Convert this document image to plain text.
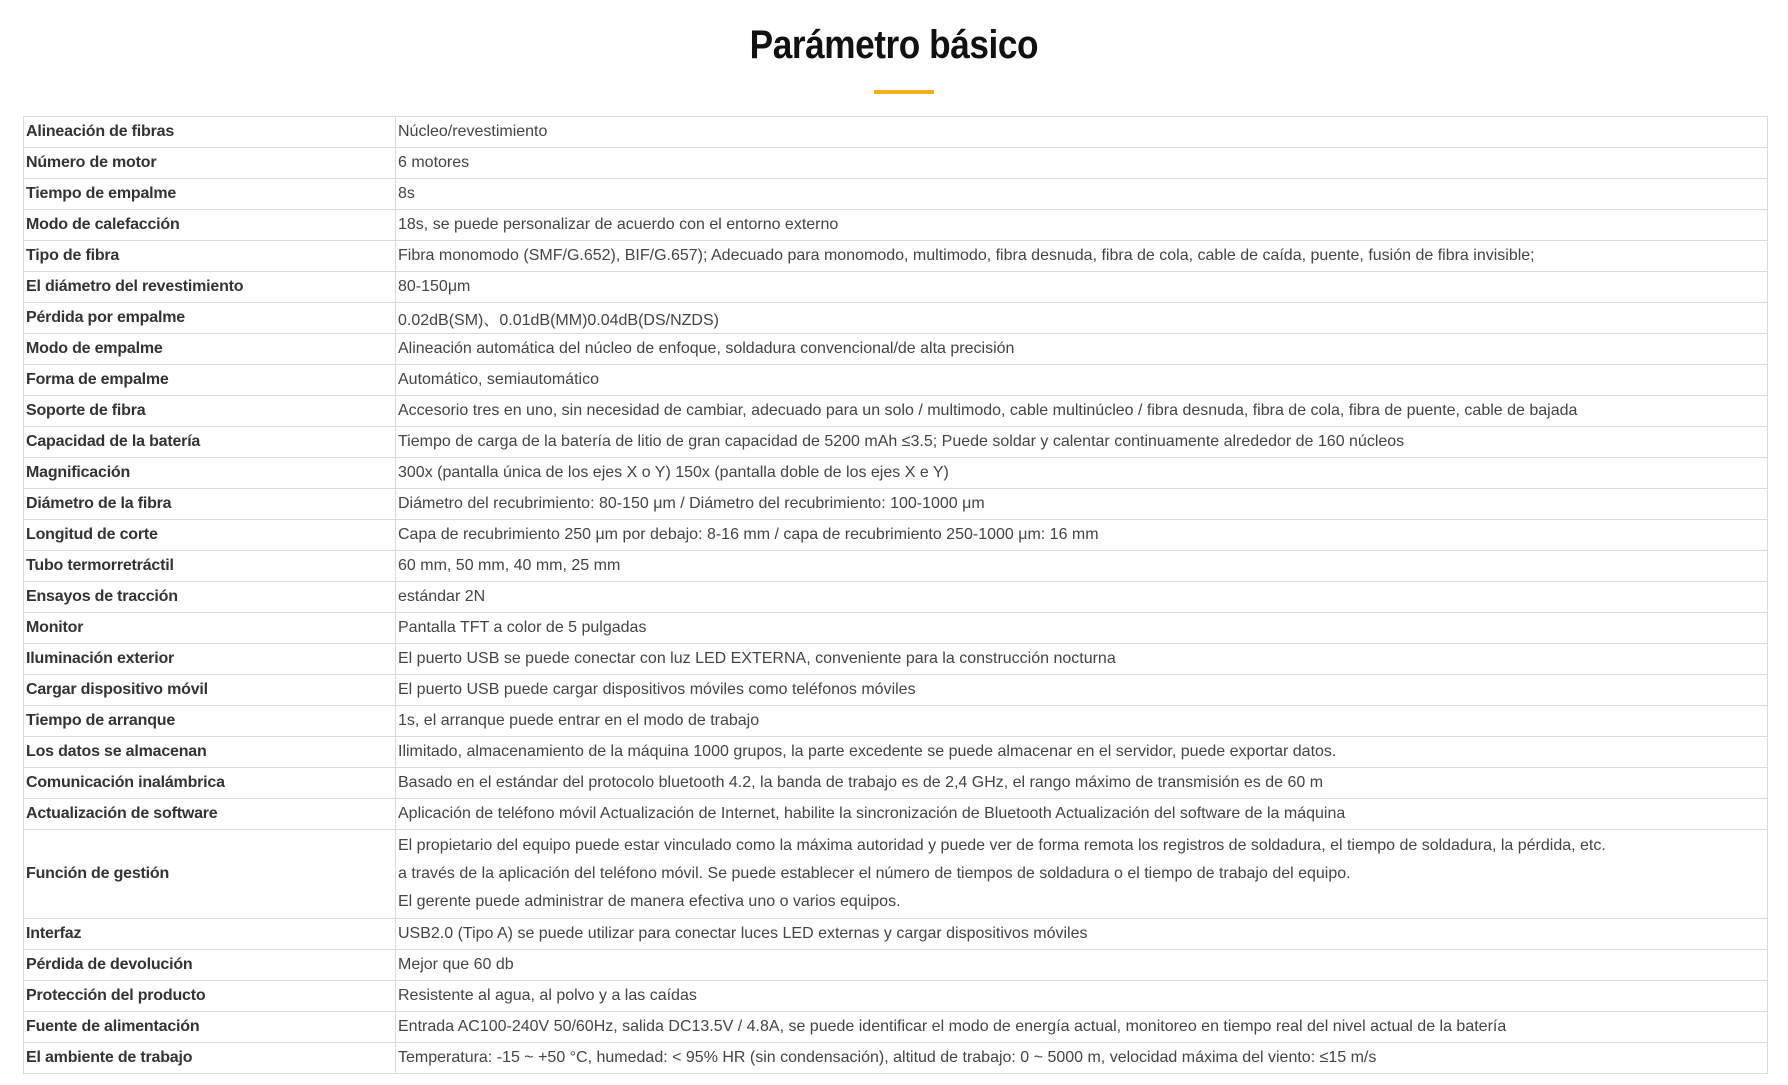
Parámetro básico
Alineación de fibras	Núcleo/revestimiento
Número de motor	6 motores
Tiempo de empalme	8s
Modo de calefacción	18s, se puede personalizar de acuerdo con el entorno externo
Tipo de fibra	Fibra monomodo (SMF/G.652), BIF/G.657); Adecuado para monomodo, multimodo, fibra desnuda, fibra de cola, cable de caída, puente, fusión de fibra invisible;
El diámetro del revestimiento	80-150μm
Pérdida por empalme	0.02dB(SM)、0.01dB(MM)0.04dB(DS/NZDS)
Modo de empalme	Alineación automática del núcleo de enfoque, soldadura convencional/de alta precisión
Forma de empalme	Automático, semiautomático
Soporte de fibra	Accesorio tres en uno, sin necesidad de cambiar, adecuado para un solo / multimodo, cable multinúcleo / fibra desnuda, fibra de cola, fibra de puente, cable de bajada
Capacidad de la batería	Tiempo de carga de la batería de litio de gran capacidad de 5200 mAh ≤3.5; Puede soldar y calentar continuamente alrededor de 160 núcleos
Magnificación	300x (pantalla única de los ejes X o Y) 150x (pantalla doble de los ejes X e Y)
Diámetro de la fibra	Diámetro del recubrimiento: 80-150 μm / Diámetro del recubrimiento: 100-1000 μm
Longitud de corte	Capa de recubrimiento 250 μm por debajo: 8-16 mm / capa de recubrimiento 250-1000 μm: 16 mm
Tubo termorretráctil	60 mm, 50 mm, 40 mm, 25 mm
Ensayos de tracción	estándar 2N
Monitor	Pantalla TFT a color de 5 pulgadas
Iluminación exterior	El puerto USB se puede conectar con luz LED EXTERNA, conveniente para la construcción nocturna
Cargar dispositivo móvil	El puerto USB puede cargar dispositivos móviles como teléfonos móviles
Tiempo de arranque	1s, el arranque puede entrar en el modo de trabajo
Los datos se almacenan	Ilimitado, almacenamiento de la máquina 1000 grupos, la parte excedente se puede almacenar en el servidor, puede exportar datos.
Comunicación inalámbrica	Basado en el estándar del protocolo bluetooth 4.2, la banda de trabajo es de 2,4 GHz, el rango máximo de transmisión es de 60 m
Actualización de software	Aplicación de teléfono móvil Actualización de Internet, habilite la sincronización de Bluetooth Actualización del software de la máquina
Función de gestión	El propietario del equipo puede estar vinculado como la máxima autoridad y puede ver de forma remota los registros de soldadura, el tiempo de soldadura, la pérdida, etc.
a través de la aplicación del teléfono móvil. Se puede establecer el número de tiempos de soldadura o el tiempo de trabajo del equipo.
El gerente puede administrar de manera efectiva uno o varios equipos.

Interfaz	USB2.0 (Tipo A) se puede utilizar para conectar luces LED externas y cargar dispositivos móviles
Pérdida de devolución	Mejor que 60 db
Protección del producto	Resistente al agua, al polvo y a las caídas
Fuente de alimentación	Entrada AC100-240V 50/60Hz, salida DC13.5V / 4.8A, se puede identificar el modo de energía actual, monitoreo en tiempo real del nivel actual de la batería
El ambiente de trabajo	Temperatura: -15 ~ +50 °C, humedad: < 95% HR (sin condensación), altitud de trabajo: 0 ~ 5000 m, velocidad máxima del viento: ≤15 m/s
